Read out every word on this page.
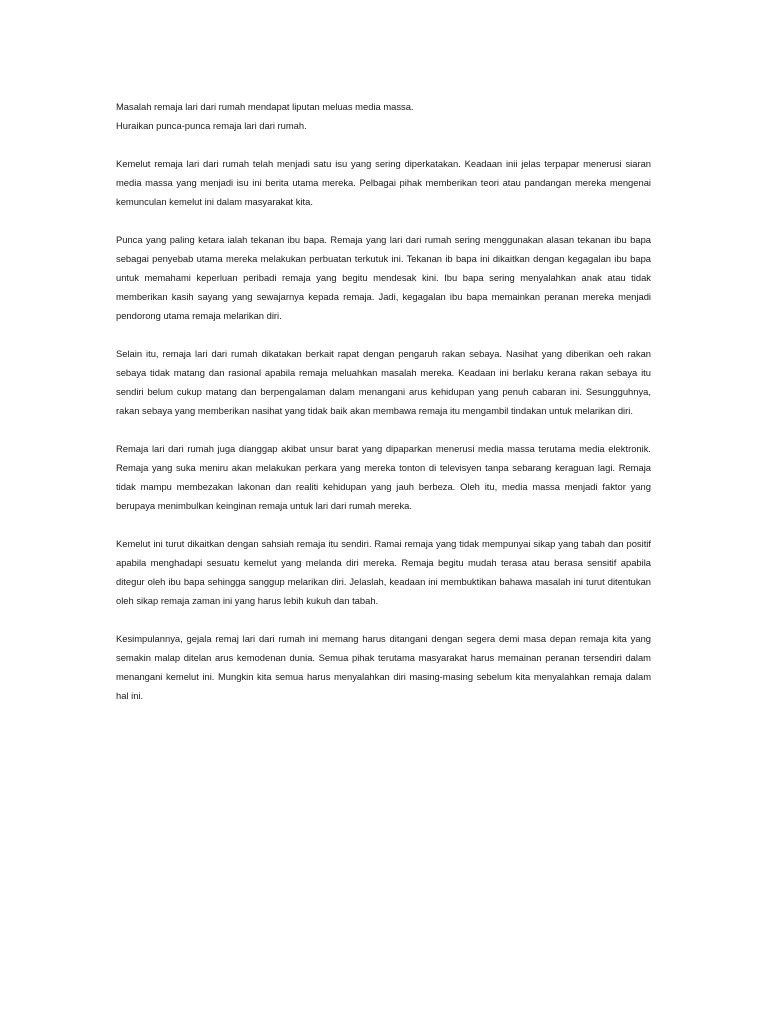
Masalah remaja lari dari rumah mendapat liputan meluas media massa.

Huraikan punca-punca remaja lari dari rumah.

Kemelut remaja lari dari rumah telah menjadi satu isu yang sering diperkatakan. Keadaan inii jelas terpapar menerusi siaran media massa yang menjadi isu ini berita utama mereka. Pelbagai pihak memberikan teori atau pandangan mereka mengenai kemunculan kemelut ini dalam masyarakat kita.

Punca yang paling ketara ialah tekanan ibu bapa. Remaja yang lari dari rumah sering menggunakan alasan tekanan ibu bapa sebagai penyebab utama mereka melakukan perbuatan terkutuk ini. Tekanan ib bapa ini dikaitkan dengan kegagalan ibu bapa untuk memahami keperluan peribadi remaja yang begitu mendesak kini. Ibu bapa sering menyalahkan anak atau tidak memberikan kasih sayang yang sewajarnya kepada remaja. Jadi, kegagalan ibu bapa memainkan peranan mereka menjadi pendorong utama remaja melarikan diri.

Selain itu, remaja lari dari rumah dikatakan berkait rapat dengan pengaruh rakan sebaya. Nasihat yang diberikan oeh rakan sebaya tidak matang dan rasional apabila remaja meluahkan masalah mereka. Keadaan ini berlaku kerana rakan sebaya itu sendiri belum cukup matang dan berpengalaman dalam menangani arus kehidupan yang penuh cabaran ini. Sesungguhnya, rakan sebaya yang memberikan nasihat yang tidak baik akan membawa remaja itu mengambil tindakan untuk melarikan diri.

Remaja lari dari rumah juga dianggap akibat unsur barat yang dipaparkan menerusi media massa terutama media elektronik. Remaja yang suka meniru akan melakukan perkara yang mereka tonton di televisyen tanpa sebarang keraguan lagi. Remaja tidak mampu membezakan lakonan dan realiti kehidupan yang jauh berbeza. Oleh itu, media massa menjadi faktor yang berupaya menimbulkan keinginan remaja untuk lari dari rumah mereka.

Kemelut ini turut dikaitkan dengan sahsiah remaja itu sendiri. Ramai remaja yang tidak mempunyai sikap yang tabah dan positif apabila menghadapi sesuatu kemelut yang melanda diri mereka. Remaja begitu mudah terasa atau berasa sensitif apabila ditegur oleh ibu bapa sehingga sanggup melarikan diri. Jelaslah, keadaan ini membuktikan bahawa masalah ini turut ditentukan oleh sikap remaja zaman ini yang harus lebih kukuh dan tabah.

Kesimpulannya, gejala remaj lari dari rumah ini memang harus ditangani dengan segera demi masa depan remaja kita yang semakin malap ditelan arus kemodenan dunia. Semua pihak terutama masyarakat harus memainan peranan tersendiri dalam menangani kemelut ini. Mungkin kita semua harus menyalahkan diri masing-masing sebelum kita menyalahkan remaja dalam hal ini.
